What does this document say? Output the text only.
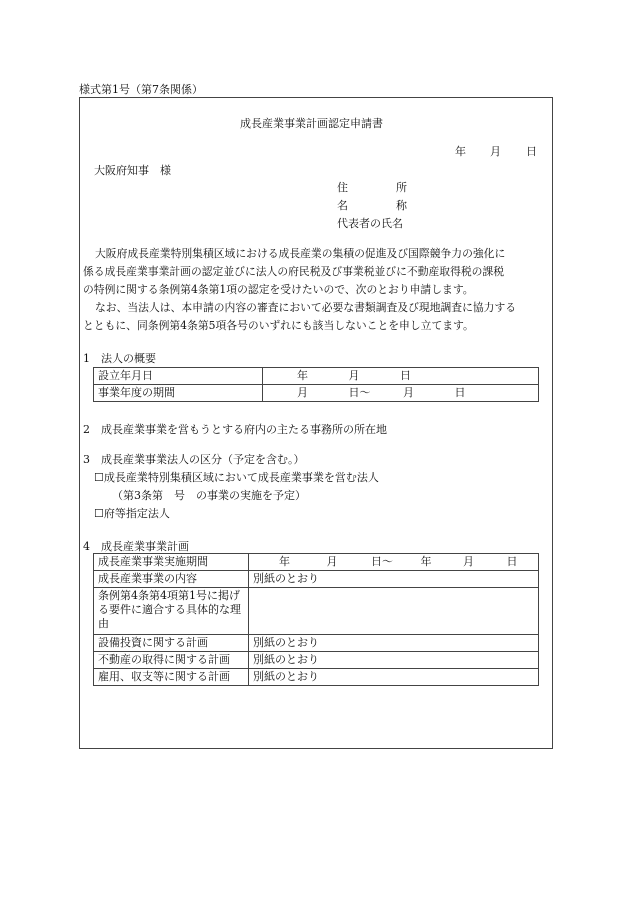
様式第1号（第7条関係）
成長産業事業計画認定申請書
年 月 日
大阪府知事　様
住	所
名	称
代表者の氏名
大阪府成長産業特別集積区域における成長産業の集積の促進及び国際競争力の強化に
係る成長産業事業計画の認定並びに法人の府民税及び事業税並びに不動産取得税の課税
の特例に関する条例第4条第1項の認定を受けたいので、次のとおり申請します。
なお、当法人は、本申請の内容の審査において必要な書類調査及び現地調査に協力する
とともに、同条例第4条第5項各号のいずれにも該当しないことを申し立てます。
1　法人の概要
設立年月日	年 月 日
事業年度の期間	月 日～ 月 日
2　成長産業事業を営もうとする府内の主たる事務所の所在地
3　成長産業事業法人の区分（予定を含む。）
☐成長産業特別集積区域において成長産業事業を営む法人
（第3条第　号　の事業の実施を予定）
☐府等指定法人
4　成長産業事業計画
成長産業事業実施期間	年 月 日～ 年 月 日
成長産業事業の内容	別紙のとおり
条例第4条第4項第1号に掲げる要件に適合する具体的な理由	
設備投資に関する計画	別紙のとおり
不動産の取得に関する計画	別紙のとおり
雇用、収支等に関する計画	別紙のとおり
